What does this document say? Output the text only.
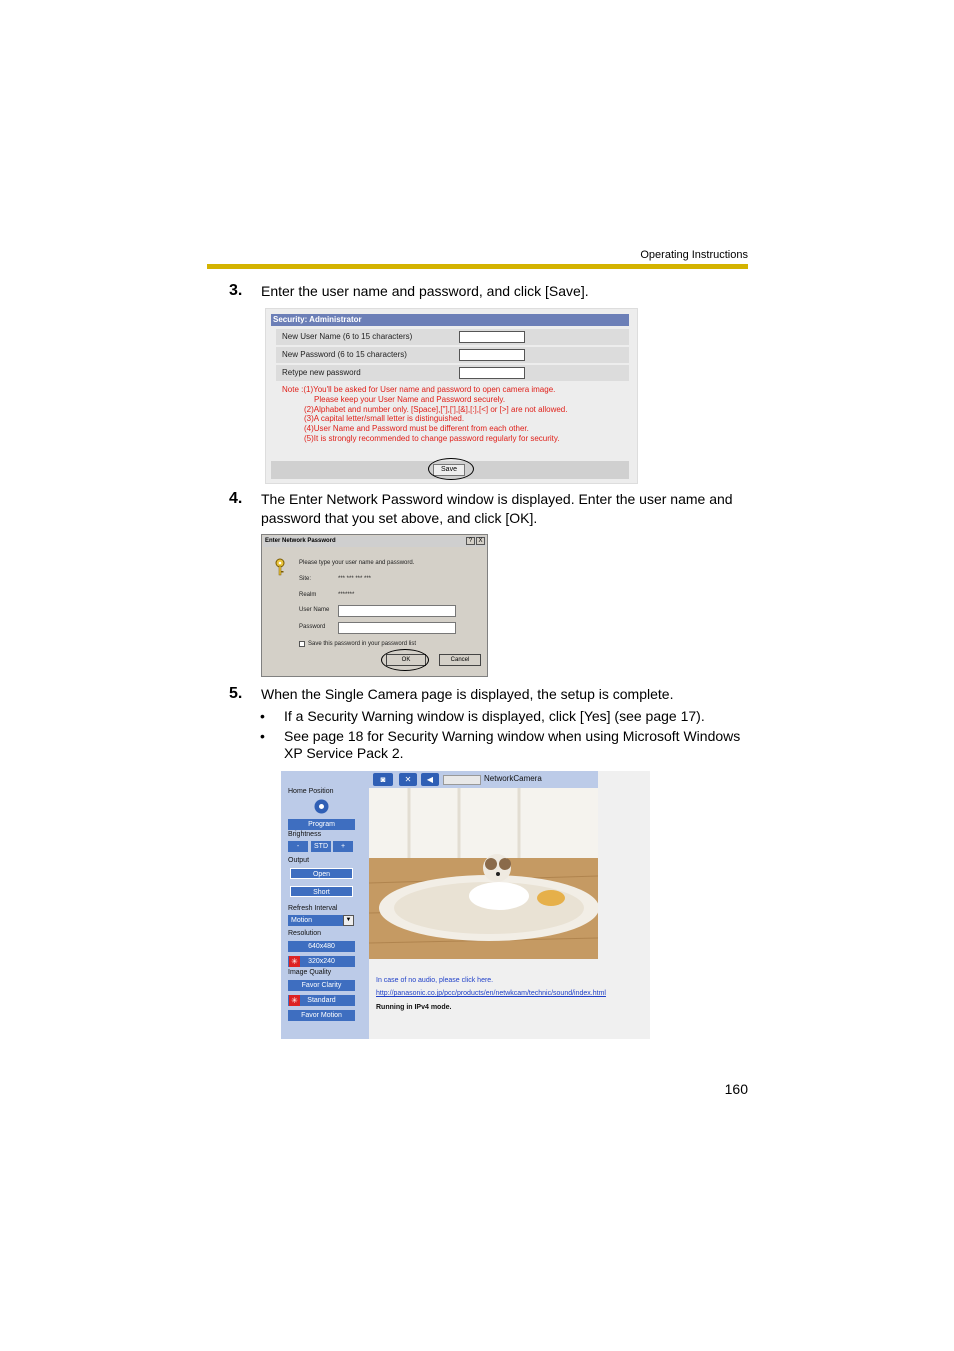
Operating Instructions
3. Enter the user name and password, and click [Save].
Security: Administrator
New User Name (6 to 15 characters)
New Password (6 to 15 characters)
Retype new password
Note :(1)You'll be asked for User name and password to open camera image.
Please keep your User Name and Password securely.
(2)Alphabet and number only. [Space],["],['],[&],[:],[<] or [>] are not allowed.
(3)A capital letter/small letter is distinguished.
(4)User Name and Password must be different from each other.
(5)It is strongly recommended to change password regularly for security.
Save
4. The Enter Network Password window is displayed. Enter the user name and
password that you set above, and click [OK].
Enter Network Password	?	X
Please type your user name and password.
Site:	*** *** *** ***
Realm	*******
User Name
Password
Save this password in your password list
OK	Cancel
5. When the Single Camera page is displayed, the setup is complete.
• If a Security Warning window is displayed, click [Yes] (see page 17).
• See page 18 for Security Warning window when using Microsoft Windows
XP Service Pack 2.
Home Position
Program
Brightness
-	STD	+
Output
Open
Short
Refresh Interval
Motion	▼
Resolution
640x480
320x240
✳
Image Quality
Favor Clarity
Standard
✳
Favor Motion
◙	✕	◀	NetworkCamera
In case of no audio, please click here.
http://panasonic.co.jp/pcc/products/en/netwkcam/technic/sound/index.html
Running in IPv4 mode.
160
